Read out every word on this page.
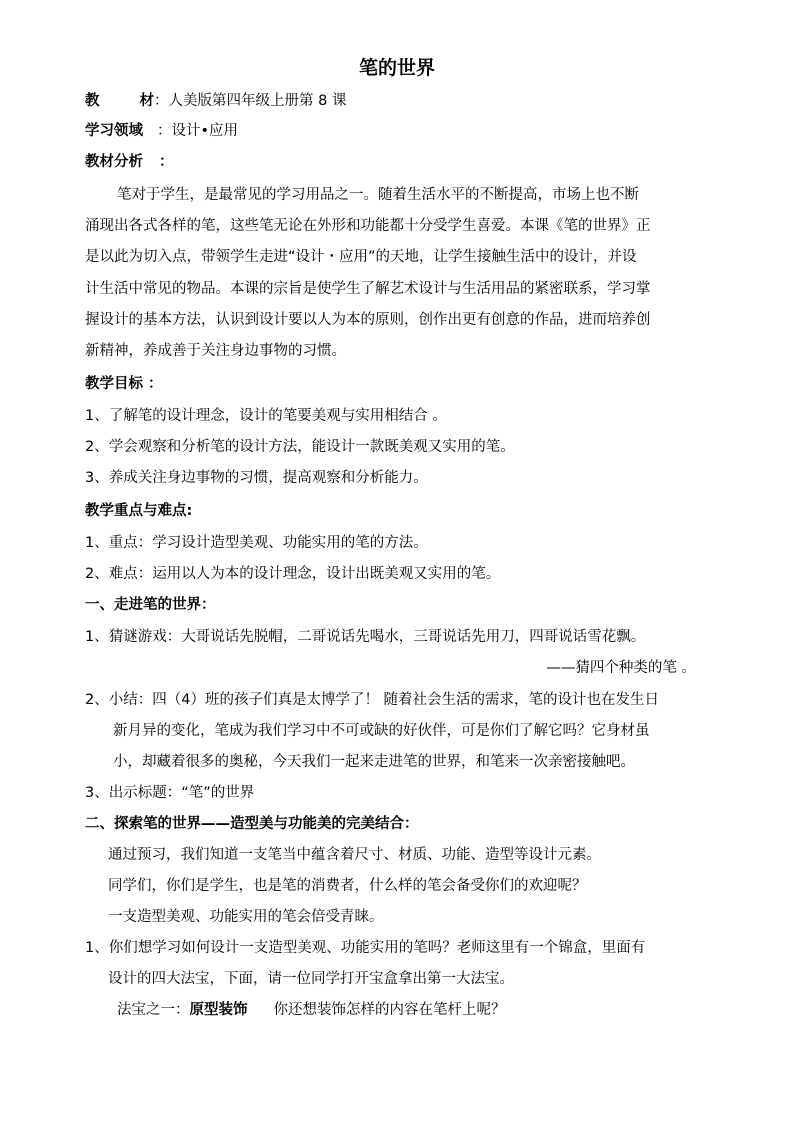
笔的世界
教	材：人美版第四年级上册第 8 课
学习领域 ：设计•应用
教材分析 ：
笔对于学生，是最常见的学习用品之一。随着生活水平的不断提高，市场上也不断
涌现出各式各样的笔，这些笔无论在外形和功能都十分受学生喜爱。本课《笔的世界》正
是以此为切入点，带领学生走进“设计・应用”的天地，让学生接触生活中的设计，并设
计生活中常见的物品。本课的宗旨是使学生了解艺术设计与生活用品的紧密联系，学习掌
握设计的基本方法，认识到设计要以人为本的原则，创作出更有创意的作品，进而培养创
新精神，养成善于关注身边事物的习惯。
教学目标 ：
1、了解笔的设计理念，设计的笔要美观与实用相结合 。
2、学会观察和分析笔的设计方法，能设计一款既美观又实用的笔。
3、养成关注身边事物的习惯，提高观察和分析能力。
教学重点与难点:
1、重点：学习设计造型美观、功能实用的笔的方法。
2、难点：运用以人为本的设计理念，设计出既美观又实用的笔。
一、走进笔的世界：
1、猜谜游戏：大哥说话先脱帽，二哥说话先喝水，三哥说话先用刀，四哥说话雪花飘。
——猜四个种类的笔 。
2、小结：四（4）班的孩子们真是太博学了！ 随着社会生活的需求，笔的设计也在发生日
新月异的变化，笔成为我们学习中不可或缺的好伙伴，可是你们了解它吗？它身材虽
小，却藏着很多的奥秘，今天我们一起来走进笔的世界，和笔来一次亲密接触吧。
3、出示标题：“笔”的世界
二、探索笔的世界——造型美与功能美的完美结合：
通过预习，我们知道一支笔当中蕴含着尺寸、材质、功能、造型等设计元素。
同学们，你们是学生，也是笔的消费者，什么样的笔会备受你们的欢迎呢？
一支造型美观、功能实用的笔会倍受青睐。
1、你们想学习如何设计一支造型美观、功能实用的笔吗？老师这里有一个锦盒，里面有
设计的四大法宝，下面，请一位同学打开宝盒拿出第一大法宝。
法宝之一：原型装饰 你还想装饰怎样的内容在笔杆上呢？
